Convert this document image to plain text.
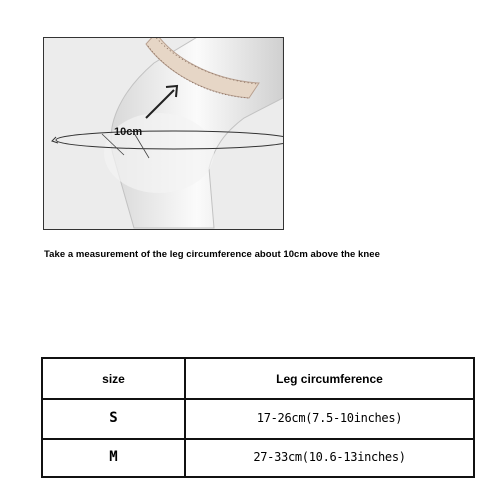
10cm
Take a measurement of the leg circumference about 10cm above the knee
size	Leg circumference
S	17-26cm(7.5-10inches)
M	27-33cm(10.6-13inches)
